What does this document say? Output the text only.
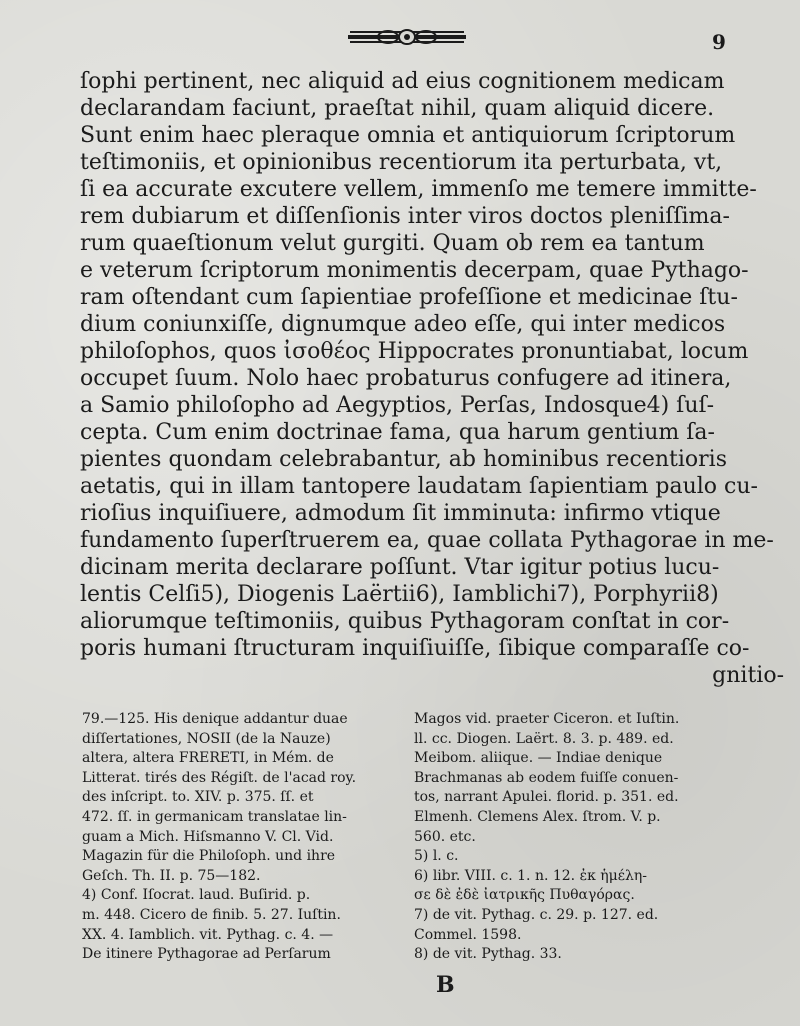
9
ſophi pertinent, nec aliquid ad eius cognitionem medicam
declarandam faciunt, praeſtat nihil, quam aliquid dicere.
Sunt enim haec pleraque omnia et antiquiorum ſcriptorum
teſtimoniis, et opinionibus recentiorum ita perturbata, vt,
ſi ea accurate excutere vellem, immenſo me temere immitte-
rem dubiarum et diſſenſionis inter viros doctos pleniſſima-
rum quaeſtionum velut gurgiti. Quam ob rem ea tantum
e veterum ſcriptorum monimentis decerpam, quae Pythago-
ram oſtendant cum ſapientiae profeſſione et medicinae ſtu-
dium coniunxiſſe, dignumque adeo eſſe, qui inter medicos
philoſophos, quos ἰσοθέος Hippocrates pronuntiabat, locum
occupet ſuum. Nolo haec probaturus confugere ad itinera,
a Samio philoſopho ad Aegyptios, Perſas, Indosque4) ſuſ-
cepta. Cum enim doctrinae fama, qua harum gentium ſa-
pientes quondam celebrabantur, ab hominibus recentioris
aetatis, qui in illam tantopere laudatam ſapientiam paulo cu-
rioſius inquiſiuere, admodum ſit imminuta: infirmo vtique
fundamento ſuperſtruerem ea, quae collata Pythagorae in me-
dicinam merita declarare poſſunt. Vtar igitur potius lucu-
lentis Celſi5), Diogenis Laërtii6), Iamblichi7), Porphyrii8)
aliorumque teſtimoniis, quibus Pythagoram conſtat in cor-
poris humani ſtructuram inquiſiuiſſe, ſibique comparaſſe co-
gnitio-
79.—125. His denique addantur duae
diſſertationes, NOSII (de la Nauze)
altera, altera FRERETI, in Mém. de
Litterat. tirés des Régiſt. de l'acad roy.
des inſcript. to. XIV. p. 375. ſſ. et
472. ſſ. in germanicam translatae lin-
guam a Mich. Hiſsmanno V. Cl. Vid.
Magazin für die Philoſoph. und ihre
Geſch. Th. II. p. 75—182.
4) Conf. Iſocrat. laud. Buſirid. p.
m. 448. Cicero de finib. 5. 27. Iuſtin.
XX. 4. Iamblich. vit. Pythag. c. 4. —
De itinere Pythagorae ad Perſarum
Magos vid. praeter Ciceron. et Iuſtin.
ll. cc. Diogen. Laërt. 8. 3. p. 489. ed.
Meibom. aliique. — Indiae denique
Brachmanas ab eodem fuiſſe conuen-
tos, narrant Apulei. florid. p. 351. ed.
Elmenh. Clemens Alex. ſtrom. V. p.
560. etc.
5) l. c.
6) libr. VIII. c. 1. n. 12. ἐκ ἡμέλη-
σε δὲ ἐδὲ ἰατρικῆς Πυθαγόρας.
7) de vit. Pythag. c. 29. p. 127. ed.
Commel. 1598.
8) de vit. Pythag. 33.
B
